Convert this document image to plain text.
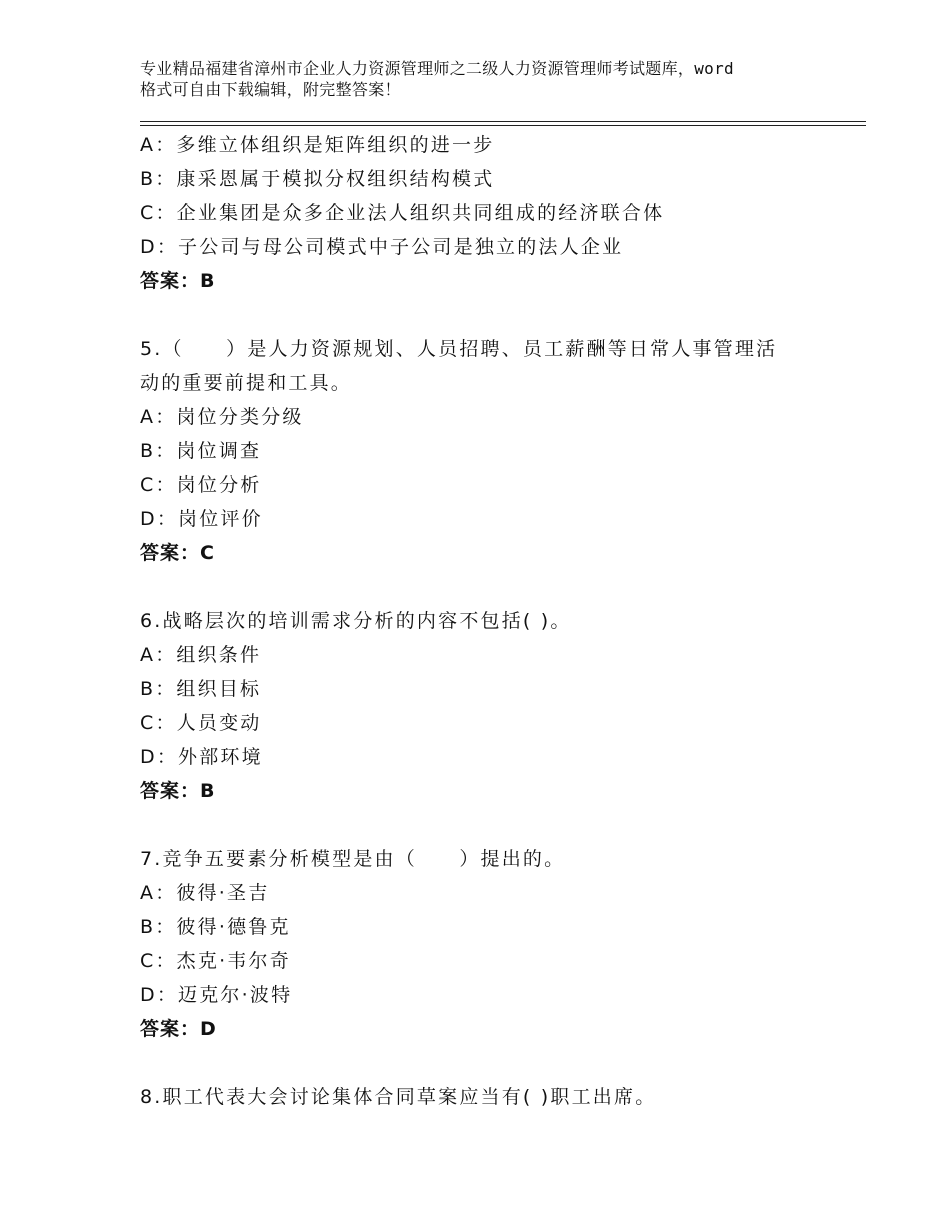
专业精品福建省漳州市企业人力资源管理师之二级人力资源管理师考试题库，word
格式可自由下载编辑，附完整答案！
A：多维立体组织是矩阵组织的进一步
B：康采恩属于模拟分权组织结构模式
C：企业集团是众多企业法人组织共同组成的经济联合体
D：子公司与母公司模式中子公司是独立的法人企业
答案：B
5.（　　）是人力资源规划、人员招聘、员工薪酬等日常人事管理活
动的重要前提和工具。
A：岗位分类分级
B：岗位调查
C：岗位分析
D：岗位评价
答案：C
6.战略层次的培训需求分析的内容不包括( )。
A：组织条件
B：组织目标
C：人员变动
D：外部环境
答案：B
7.竞争五要素分析模型是由（　　）提出的。
A：彼得·圣吉
B：彼得·德鲁克
C：杰克·韦尔奇
D：迈克尔·波特
答案：D
8.职工代表大会讨论集体合同草案应当有( )职工出席。
